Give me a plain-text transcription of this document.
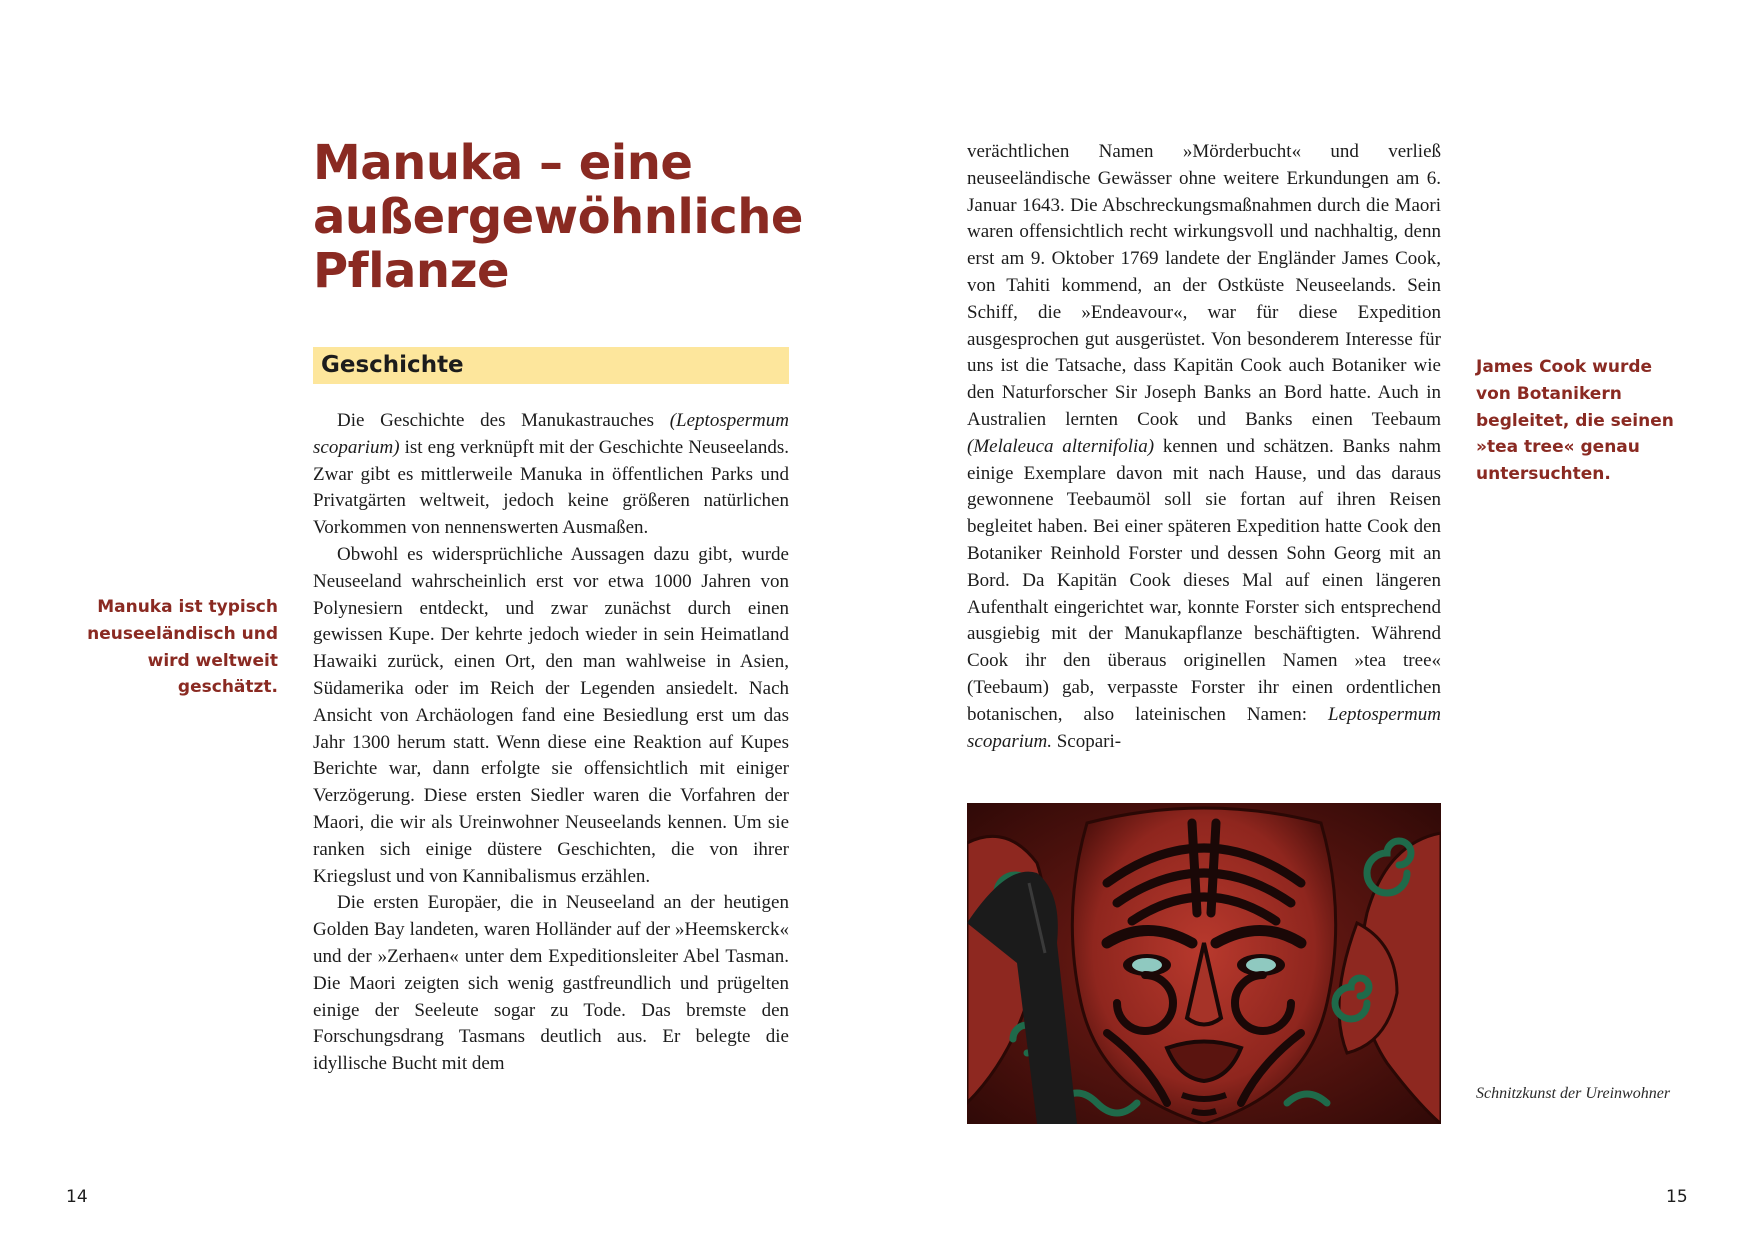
Manuka – eine
außergewöhnliche
Pflanze
Geschichte

Die Geschichte des Manukastrauches (Leptospermum scoparium) ist eng verknüpft mit der Geschichte Neuseelands. Zwar gibt es mittlerweile Manuka in öffentlichen Parks und Privatgärten weltweit, jedoch keine größeren natürlichen Vorkommen von nennenswerten Ausmaßen.

Obwohl es widersprüchliche Aussagen dazu gibt, wurde Neuseeland wahrscheinlich erst vor etwa 1000 Jahren von Polynesiern entdeckt, und zwar zunächst durch einen gewissen Kupe. Der kehrte jedoch wieder in sein Heimatland Hawaiki zurück, einen Ort, den man wahlweise in Asien, Südamerika oder im Reich der Legenden ansiedelt. Nach Ansicht von Archäologen fand eine Besiedlung erst um das Jahr 1300 herum statt. Wenn diese eine Reaktion auf Kupes Berichte war, dann erfolgte sie offensichtlich mit einiger Verzögerung. Diese ersten Siedler waren die Vorfahren der Maori, die wir als Ureinwohner Neuseelands kennen. Um sie ranken sich einige düstere Geschichten, die von ihrer Kriegslust und von Kannibalismus erzählen.

Die ersten Europäer, die in Neuseeland an der heutigen Golden Bay landeten, waren Holländer auf der »Heemskerck« und der »Zerhaen« unter dem Expeditionsleiter Abel Tasman. Die Maori zeigten sich wenig gastfreundlich und prügelten einige der Seeleute sogar zu Tode. Das bremste den Forschungsdrang Tasmans deutlich aus. Er belegte die idyllische Bucht mit dem

Manuka ist typisch neuseeländisch und wird weltweit geschätzt.
14

verächtlichen Namen »Mörderbucht« und verließ neuseeländische Gewässer ohne weitere Erkundungen am 6. Januar 1643. Die Abschreckungsmaßnahmen durch die Maori waren offensichtlich recht wirkungsvoll und nachhaltig, denn erst am 9. Oktober 1769 landete der Engländer James Cook, von Tahiti kommend, an der Ostküste Neuseelands. Sein Schiff, die »Endeavour«, war für diese Expedition ausgesprochen gut ausgerüstet. Von besonderem Interesse für uns ist die Tatsache, dass Kapitän Cook auch Botaniker wie den Naturforscher Sir Joseph Banks an Bord hatte. Auch in Australien lernten Cook und Banks einen Teebaum (Melaleuca alternifolia) kennen und schätzen. Banks nahm einige Exemplare davon mit nach Hause, und das daraus gewonnene Teebaumöl soll sie fortan auf ihren Reisen begleitet haben. Bei einer späteren Expedition hatte Cook den Botaniker Reinhold Forster und dessen Sohn Georg mit an Bord. Da Kapitän Cook dieses Mal auf einen längeren Aufenthalt eingerichtet war, konnte Forster sich entsprechend ausgiebig mit der Manukapflanze beschäftigten. Während Cook ihr den überaus originellen Namen »tea tree« (Teebaum) gab, verpasste Forster ihr einen ordentlichen botanischen, also lateinischen Namen: Leptospermum scoparium. Scopari-

James Cook wurde von Botanikern begleitet, die seinen »tea tree« genau untersuchten.
Schnitzkunst der Ureinwohner
15
